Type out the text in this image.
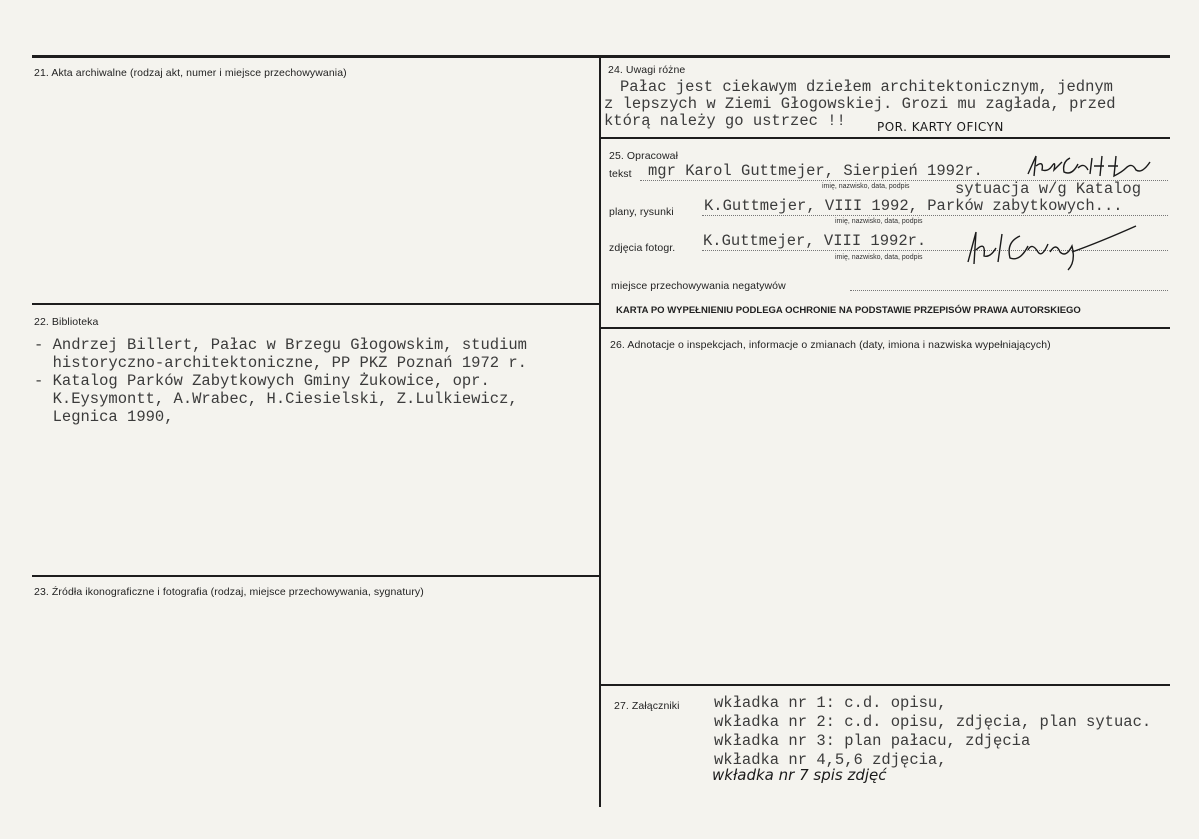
21. Akta archiwalne (rodzaj akt, numer i miejsce przechowywania)
22. Biblioteka
- Andrzej Billert, Pałac w Brzegu Głogowskim, studium
historyczno-architektoniczne, PP PKZ Poznań 1972 r.
- Katalog Parków Zabytkowych Gminy Żukowice, opr.
K.Eysymontt, A.Wrabec, H.Ciesielski, Z.Lulkiewicz,
Legnica 1990,
23. Źródła ikonograficzne i fotografia (rodzaj, miejsce przechowywania, sygnatury)
24. Uwagi różne
Pałac jest ciekawym dziełem architektonicznym, jednym
z lepszych w Ziemi Głogowskiej. Grozi mu zagłada, przed
którą należy go ustrzec !!	POR. KARTY OFICYN
25. Opracował
tekst mgr Karol Guttmejer, Sierpień 1992r.
imię, nazwisko, data, podpis	sytuacja w/g Katalog
plany, rysunki K.Guttmejer, VIII 1992, Parków zabytkowych...
imię, nazwisko, data, podpis
zdjęcia fotogr. K.Guttmejer, VIII 1992r.
imię, nazwisko, data, podpis
miejsce przechowywania negatywów
KARTA PO WYPEŁNIENIU PODLEGA OCHRONIE NA PODSTAWIE PRZEPISÓW PRAWA AUTORSKIEGO
26. Adnotacje o inspekcjach, informacje o zmianach (daty, imiona i nazwiska wypełniających)
27. Załączniki wkładka nr 1: c.d. opisu,
wkładka nr 2: c.d. opisu, zdjęcia, plan sytuac.
wkładka nr 3: plan pałacu, zdjęcia
wkładka nr 4,5,6 zdjęcia,
wkładka nr 7 spis zdjęć
